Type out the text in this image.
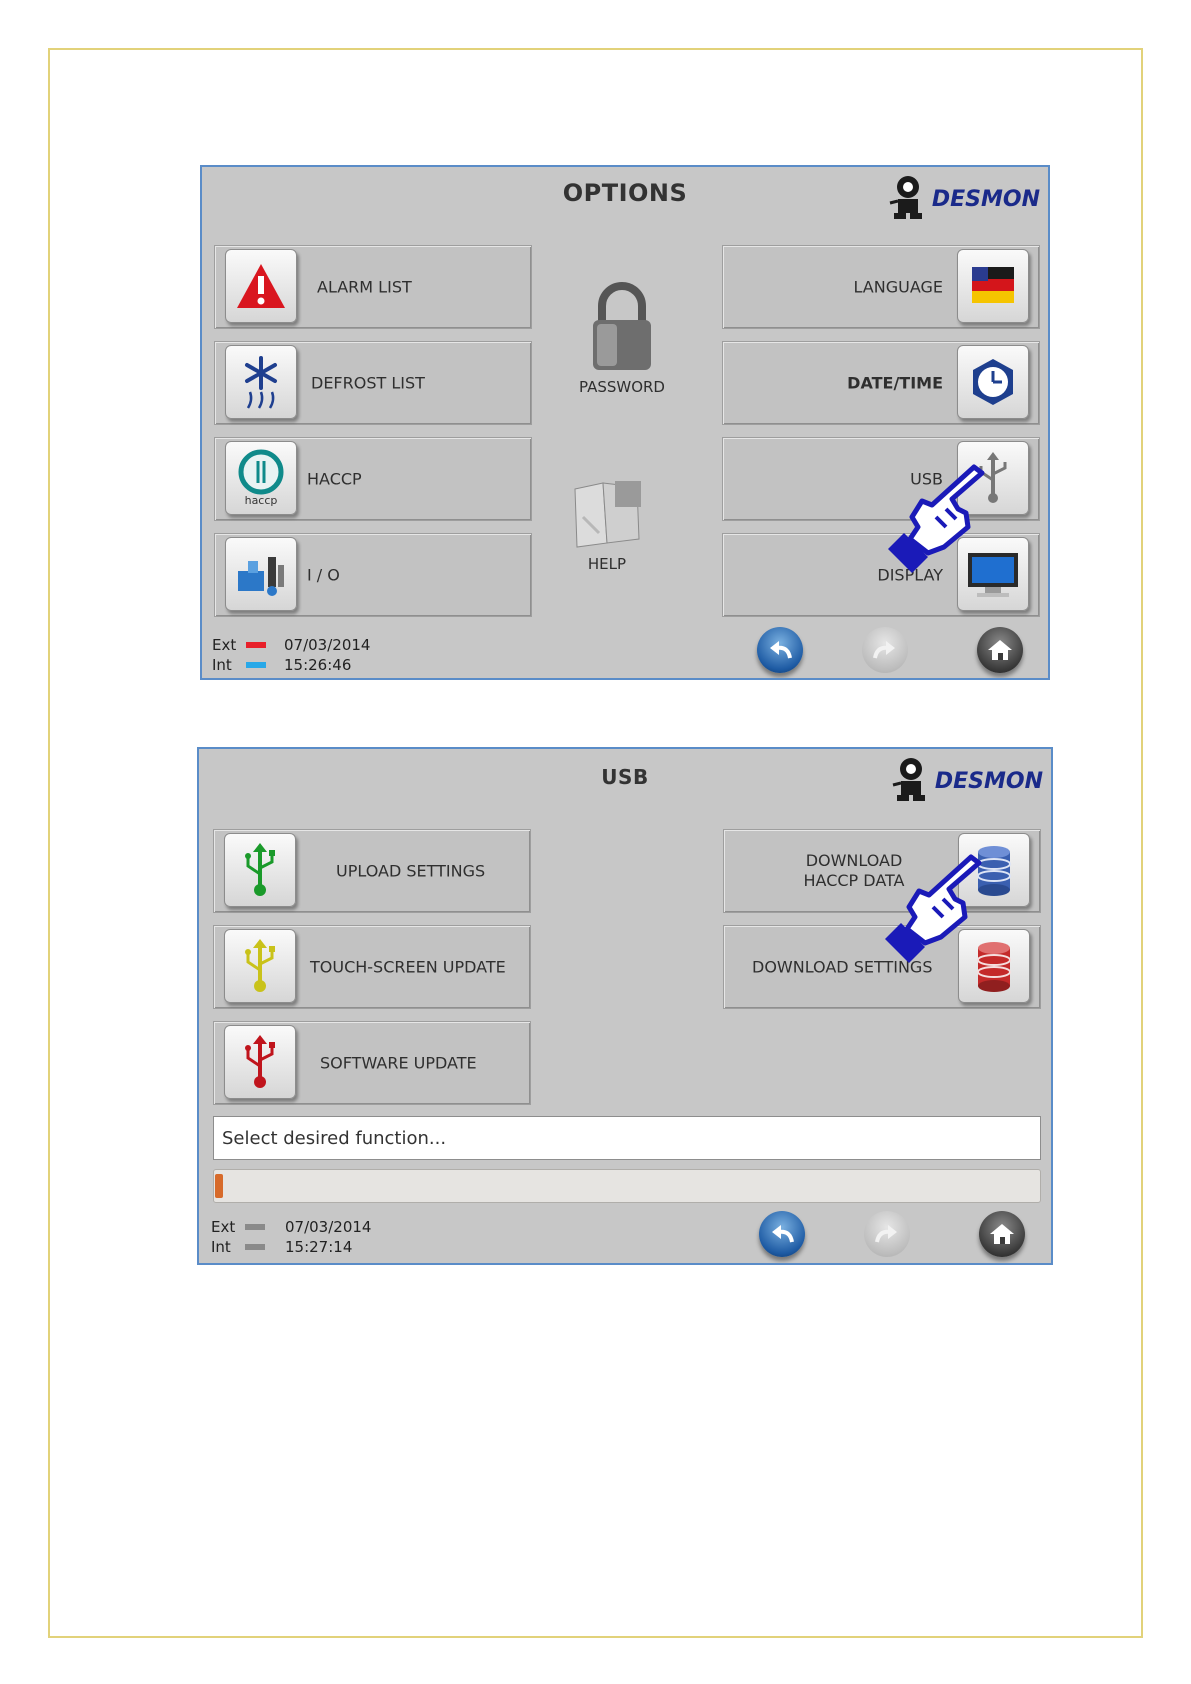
OPTIONS	DESMON
ALARM LIST
DEFROST LIST
haccp
HACCP
I / O
PASSWORD
HELP
LANGUAGE
DATE/TIME
USB
DISPLAY
Ext
Int
07/03/2014
15:26:46
USB	DESMON
UPLOAD SETTINGS
TOUCH-SCREEN UPDATE
SOFTWARE UPDATE
DOWNLOAD
HACCP DATA
DOWNLOAD SETTINGS
Select desired function...
Ext
Int
07/03/2014
15:27:14
